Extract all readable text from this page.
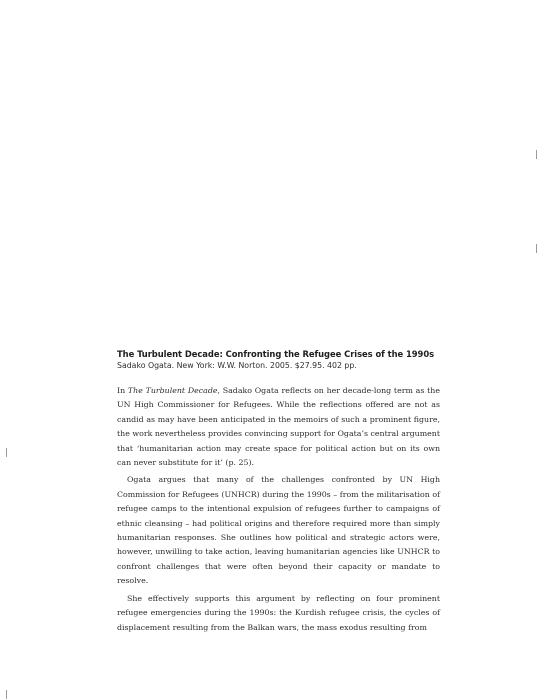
The Turbulent Decade: Confronting the Refugee Crises of the 1990s
Sadako Ogata. New York: W.W. Norton. 2005. $27.95. 402 pp.

In The Turbulent Decade, Sadako Ogata reflects on her decade-long term as the UN High Commissioner for Refugees. While the reflections offered are not as candid as may have been anticipated in the memoirs of such a prominent figure, the work nevertheless provides convincing support for Ogata’s central argument that ‘humanitarian action may create space for political action but on its own can never substitute for it’ (p. 25).

Ogata argues that many of the challenges confronted by UN High Commission for Refugees (UNHCR) during the 1990s – from the militarisation of refugee camps to the intentional expulsion of refugees further to campaigns of ethnic cleansing – had political origins and therefore required more than simply humanitarian responses. She outlines how political and strategic actors were, however, unwilling to take action, leaving humanitarian agencies like UNHCR to confront challenges that were often beyond their capacity or mandate to resolve.

She effectively supports this argument by reflecting on four prominent refugee emergencies during the 1990s: the Kurdish refugee crisis, the cycles of displacement resulting from the Balkan wars, the mass exodus resulting from
